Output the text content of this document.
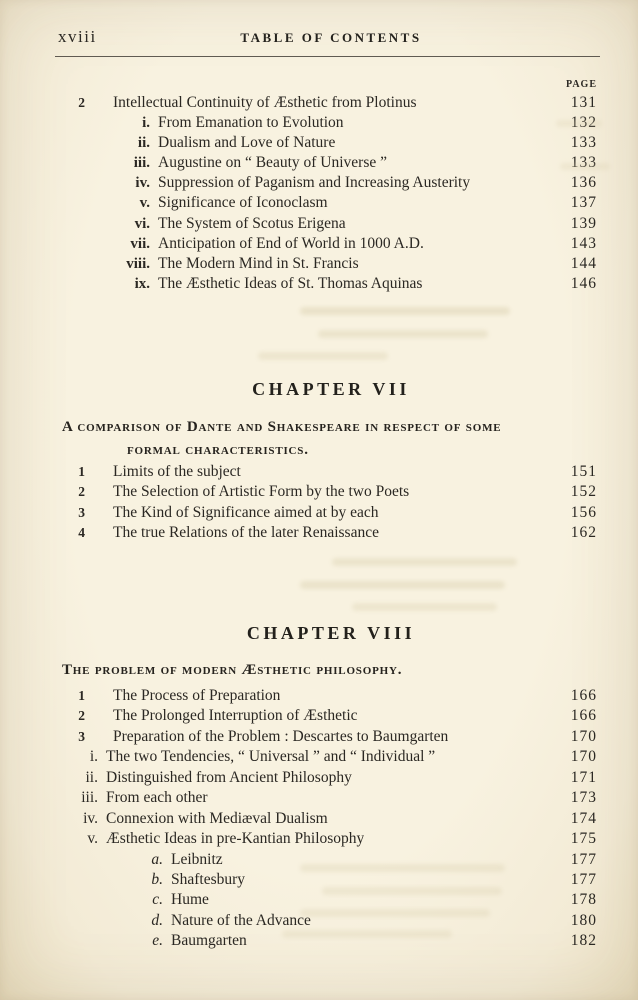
xviii	TABLE OF CONTENTS
PAGE
2 Intellectual Continuity of Æsthetic from Plotinus	131
i. From Emanation to Evolution	132
ii. Dualism and Love of Nature	133
iii. Augustine on “ Beauty of Universe ”	133
iv. Suppression of Paganism and Increasing Austerity	136
v. Significance of Iconoclasm	137
vi. The System of Scotus Erigena	139
vii. Anticipation of End of World in 1000 A.D.	143
viii. The Modern Mind in St. Francis	144
ix. The Æsthetic Ideas of St. Thomas Aquinas	146
CHAPTER VII
A comparison of Dante and Shakespeare in respect of some
formal characteristics.
1 Limits of the subject	151
2 The Selection of Artistic Form by the two Poets	152
3 The Kind of Significance aimed at by each	156
4 The true Relations of the later Renaissance	162
CHAPTER VIII
The problem of modern Æsthetic philosophy.
1 The Process of Preparation	166
2 The Prolonged Interruption of Æsthetic	166
3 Preparation of the Problem : Descartes to Baumgarten	170
i. The two Tendencies, “ Universal ” and “ Individual ”	170
ii. Distinguished from Ancient Philosophy	171
iii. From each other	173
iv. Connexion with Mediæval Dualism	174
v. Æsthetic Ideas in pre-Kantian Philosophy	175
a. Leibnitz	177
b. Shaftesbury	177
c. Hume	178
d. Nature of the Advance	180
e. Baumgarten	182
